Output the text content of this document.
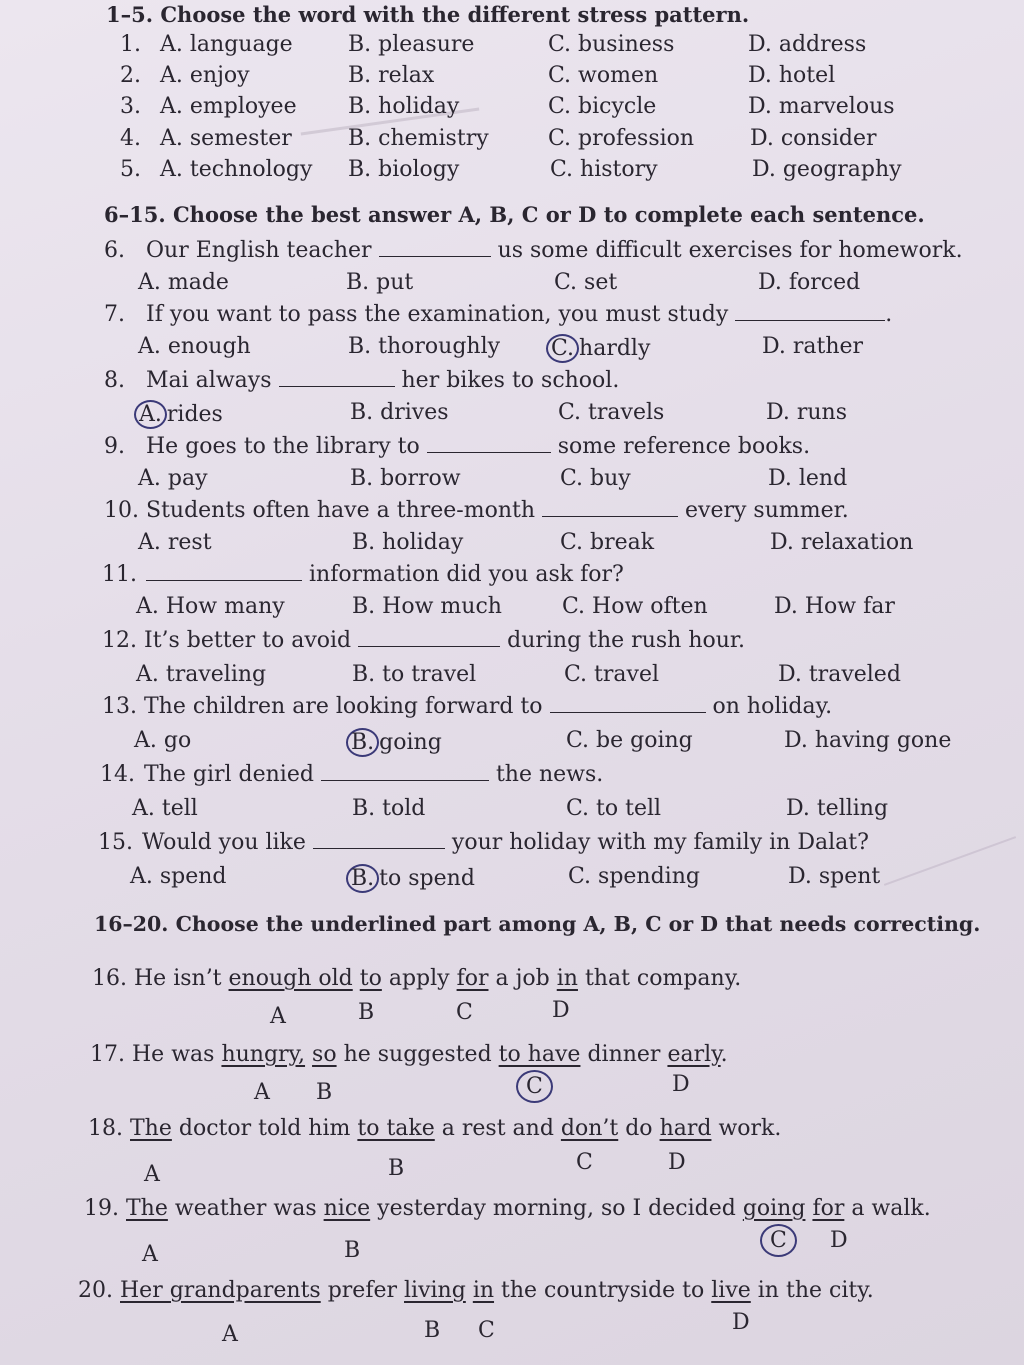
1–5. Choose the word with the different stress pattern.
1. A. language	B. pleasure	C. business	D. address
2. A. enjoy	B. relax	C. women	D. hotel
3. A. employee B. holiday	C. bicycle	D. marvelous
4. A. semester	B. chemistry	C. profession	D. consider
5. A. technology B. biology	C. history	D. geography
6–15. Choose the best answer A, B, C or D to complete each sentence.
6. Our English teacher	us some difficult exercises for homework.
A. made	B. put	C. set	D. forced
7. If you want to pass the examination, you must study	.
A. enough	B. thoroughly C. hardly	D. rather
8. Mai always	her bikes to school.
A. rides	B. drives	C. travels	D. runs
9. He goes to the library to	some reference books.
A. pay	B. borrow	C. buy	D. lend
10. Students often have a three-month	every summer.
A. rest	B. holiday	C. break	D. relaxation
11.	information did you ask for?
A. How many	B. How much	C. How often	D. How far
12. It’s better to avoid	during the rush hour.
A. traveling	B. to travel	C. travel	D. traveled
13. The children are looking forward to	on holiday.
A. go	B. going	C. be going	D. having gone
14. The girl denied	the news.
A. tell	B. told	C. to tell	D. telling
15. Would you like	your holiday with my family in Dalat?
A. spend	B. to spend	C. spending	D. spent
16–20. Choose the underlined part among A, B, C or D that needs correcting.
16. He isn’t enough old to apply for a job in that company.
A	B	C	D
17. He was hungry, so he suggested to have dinner early.
A B	C	D
18. The doctor told him to take a rest and don’t do hard work.
A	B	C	D
19. The weather was nice yesterday morning, so I decided going for a walk.
A	B	C	D
20. Her grandparents prefer living in the countryside to live in the city.
A	B C	D
